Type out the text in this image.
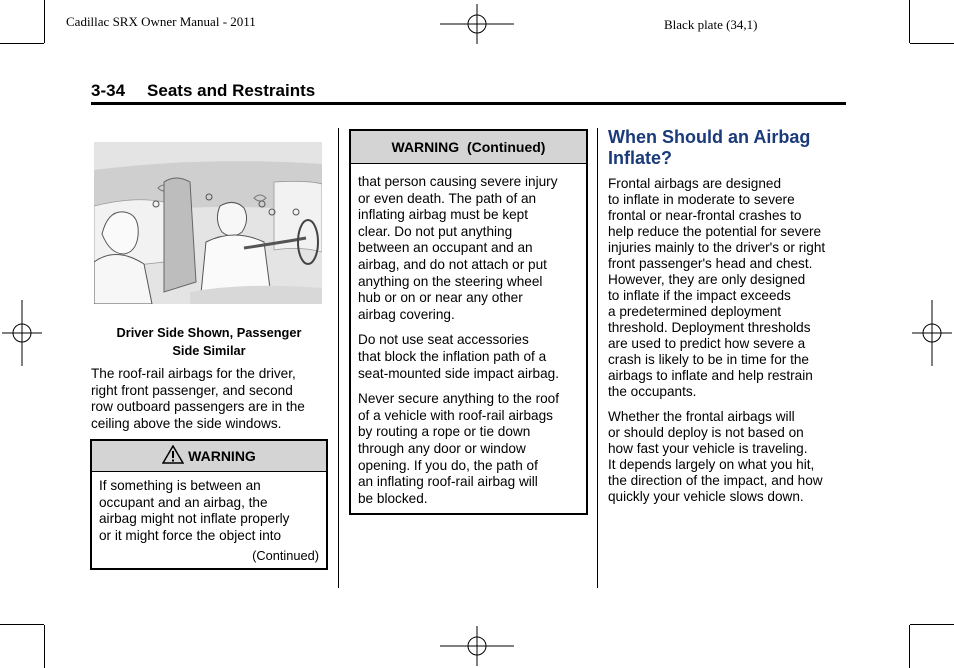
Cadillac SRX Owner Manual - 2011	Black plate (34,1)
3-34 Seats and Restraints
Driver Side Shown, Passenger
Side Similar
The roof-rail airbags for the driver,
right front passenger, and second
row outboard passengers are in the
ceiling above the side windows.
WARNING
If something is between an
occupant and an airbag, the
airbag might not inflate properly
or it might force the object into
(Continued)
WARNING  (Continued)

that person causing severe injury
or even death. The path of an
inflating airbag must be kept
clear. Do not put anything
between an occupant and an
airbag, and do not attach or put
anything on the steering wheel
hub or on or near any other
airbag covering.

Do not use seat accessories
that block the inflation path of a
seat-mounted side impact airbag.

Never secure anything to the roof
of a vehicle with roof-rail airbags
by routing a rope or tie down
through any door or window
opening. If you do, the path of
an inflating roof-rail airbag will
be blocked.

When Should an Airbag
Inflate?

Frontal airbags are designed
to inflate in moderate to severe
frontal or near-frontal crashes to
help reduce the potential for severe
injuries mainly to the driver's or right
front passenger's head and chest.
However, they are only designed
to inflate if the impact exceeds
a predetermined deployment
threshold. Deployment thresholds
are used to predict how severe a
crash is likely to be in time for the
airbags to inflate and help restrain
the occupants.

Whether the frontal airbags will
or should deploy is not based on
how fast your vehicle is traveling.
It depends largely on what you hit,
the direction of the impact, and how
quickly your vehicle slows down.
